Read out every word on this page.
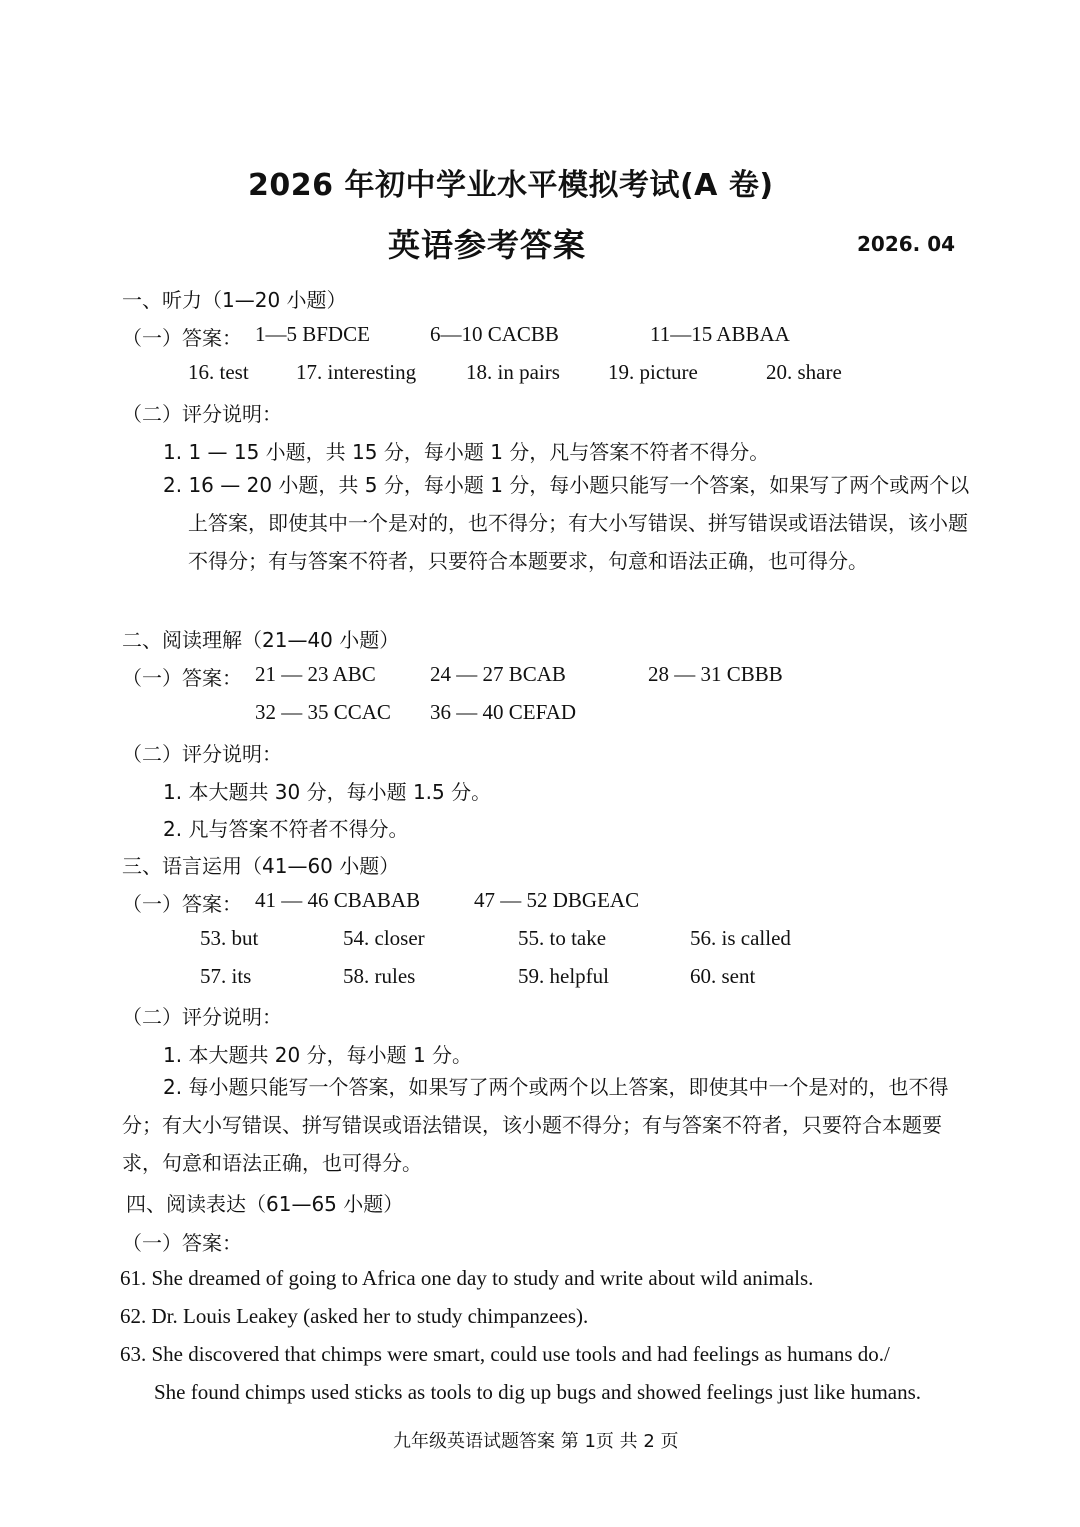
2026 年初中学业水平模拟考试(A 卷)
英语参考答案	2026. 04
一、听力（1—20 小题）
（一）答案： 1—5 BFDCE	6—10 CACBB	11—15 ABBAA
16. test 17. interesting 18. in pairs 19. picture	20. share
（二）评分说明：
1. 1 — 15 小题，共 15 分，每小题 1 分，凡与答案不符者不得分。
2. 16 — 20 小题，共 5 分，每小题 1 分，每小题只能写一个答案，如果写了两个或两个以上答案，即使其中一个是对的，也不得分；有大小写错误、拼写错误或语法错误，该小题不得分；有与答案不符者，只要符合本题要求，句意和语法正确，也可得分。
二、阅读理解（21—40 小题）
（一）答案： 21 — 23 ABC	24 — 27 BCAB	28 — 31 CBBB
32 — 35 CCAC 36 — 40 CEFAD
（二）评分说明：
1. 本大题共 30 分，每小题 1.5 分。
2. 凡与答案不符者不得分。
三、语言运用（41—60 小题）
（一）答案： 41 — 46 CBABAB	47 — 52 DBGEAC
53. but	54. closer	55. to take	56. is called
57. its	58. rules	59. helpful	60. sent
（二）评分说明：
1. 本大题共 20 分，每小题 1 分。
2. 每小题只能写一个答案，如果写了两个或两个以上答案，即使其中一个是对的，也不得分；有大小写错误、拼写错误或语法错误，该小题不得分；有与答案不符者，只要符合本题要求，句意和语法正确，也可得分。
四、阅读表达（61—65 小题）
（一）答案：
61. She dreamed of going to Africa one day to study and write about wild animals.
62. Dr. Louis Leakey (asked her to study chimpanzees).
63. She discovered that chimps were smart, could use tools and had feelings as humans do./
She found chimps used sticks as tools to dig up bugs and showed feelings just like humans.
九年级英语试题答案 第 1页 共 2 页
